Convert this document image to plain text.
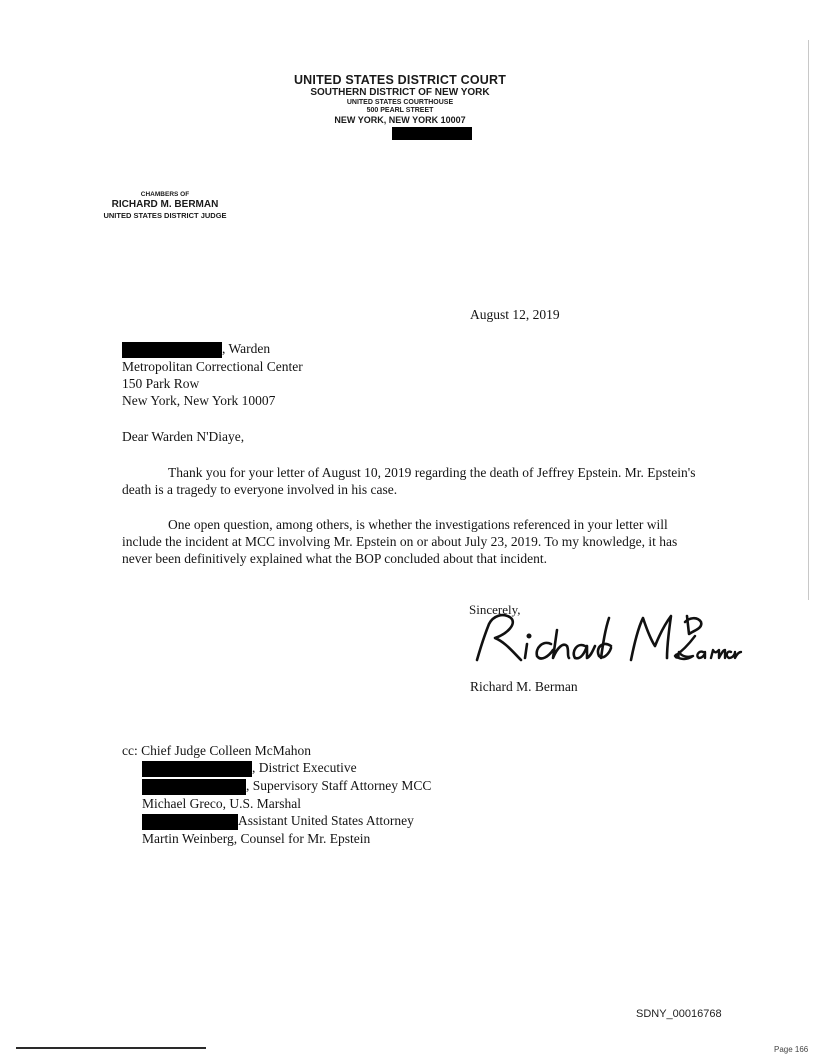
UNITED STATES DISTRICT COURT
SOUTHERN DISTRICT OF NEW YORK
UNITED STATES COURTHOUSE
500 PEARL STREET
NEW YORK, NEW YORK 10007
CHAMBERS OF
RICHARD M. BERMAN
UNITED STATES DISTRICT JUDGE
August 12, 2019
, Warden
Metropolitan Correctional Center
150 Park Row
New York, New York 10007
Dear Warden N'Diaye,
Thank you for your letter of August 10, 2019 regarding the death of Jeffrey Epstein. Mr. Epstein's death is a tragedy to everyone involved in his case.
One open question, among others, is whether the investigations referenced in your letter will include the incident at MCC involving Mr. Epstein on or about July 23, 2019. To my knowledge, it has never been definitively explained what the BOP concluded about that incident.
Sincerely,
Richard M. Berman
cc: Chief Judge Colleen McMahon
, District Executive
, Supervisory Staff Attorney MCC
Michael Greco, U.S. Marshal
Assistant United States Attorney
Martin Weinberg, Counsel for Mr. Epstein
SDNY_00016768
Page 166
